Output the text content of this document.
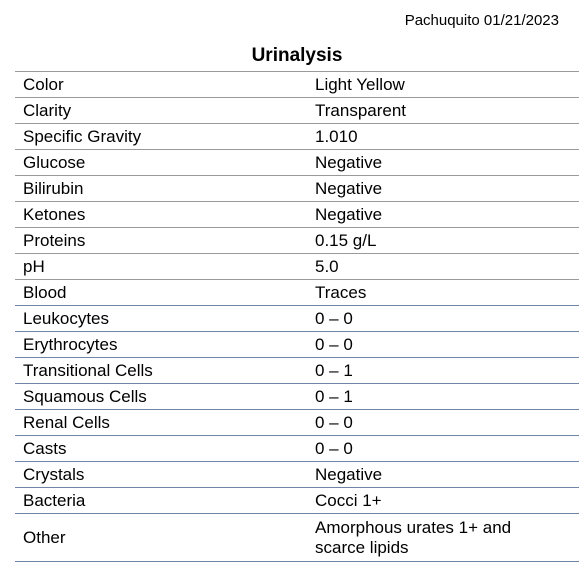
Pachuquito 01/21/2023
Urinalysis
Color	Light Yellow
Clarity	Transparent
Specific Gravity	1.010
Glucose	Negative
Bilirubin	Negative
Ketones	Negative
Proteins	0.15 g/L
pH	5.0
Blood	Traces
Leukocytes	0 – 0
Erythrocytes	0 – 0
Transitional Cells	0 – 1
Squamous Cells	0 – 1
Renal Cells	0 – 0
Casts	0 – 0
Crystals	Negative
Bacteria	Cocci 1+
Other	Amorphous urates 1+ and scarce lipids
